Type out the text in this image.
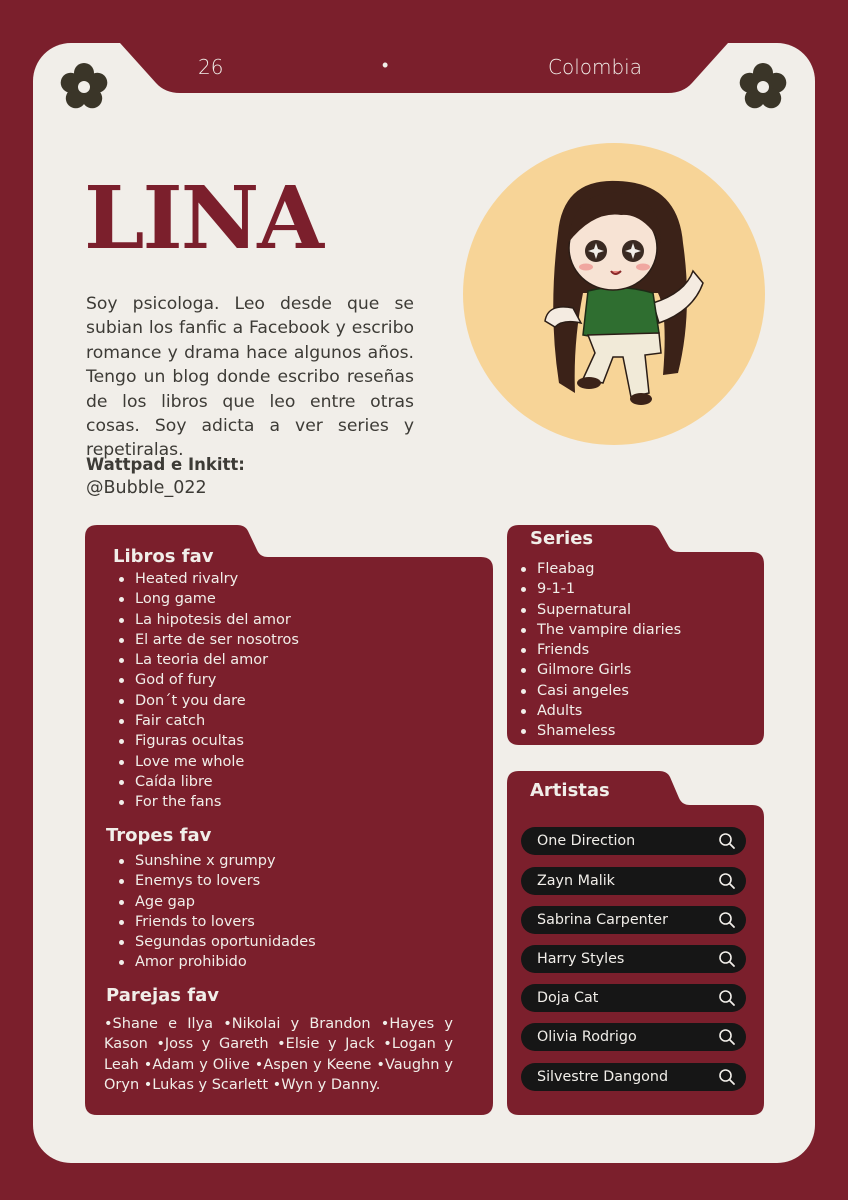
26	•	Colombia
LINA
Soy psicologa. Leo desde que se subian los fanfic a Facebook y escribo romance y drama hace algunos años. Tengo un blog donde escribo reseñas de los libros que leo entre otras cosas. Soy adicta a ver series y repetiralas.
Wattpad e Inkitt:
@Bubble_022
Libros fav
Heated rivalry
Long game
La hipotesis del amor
El arte de ser nosotros
La teoria del amor
God of fury
Don´t you dare
Fair catch
Figuras ocultas
Love me whole
Caída libre
For the fans
Tropes fav
Sunshine x grumpy
Enemys to lovers
Age gap
Friends to lovers
Segundas oportunidades
Amor prohibido
Parejas fav
•Shane e Ilya •Nikolai y Brandon •Hayes y Kason •Joss y Gareth •Elsie y Jack •Logan y Leah •Adam y Olive •Aspen y Keene •Vaughn y Oryn •Lukas y Scarlett •Wyn y Danny.
Series
Fleabag
9-1-1
Supernatural
The vampire diaries
Friends
Gilmore Girls
Casi angeles
Adults
Shameless
Artistas
One Direction
Zayn Malik
Sabrina Carpenter
Harry Styles
Doja Cat
Olivia Rodrigo
Silvestre Dangond
